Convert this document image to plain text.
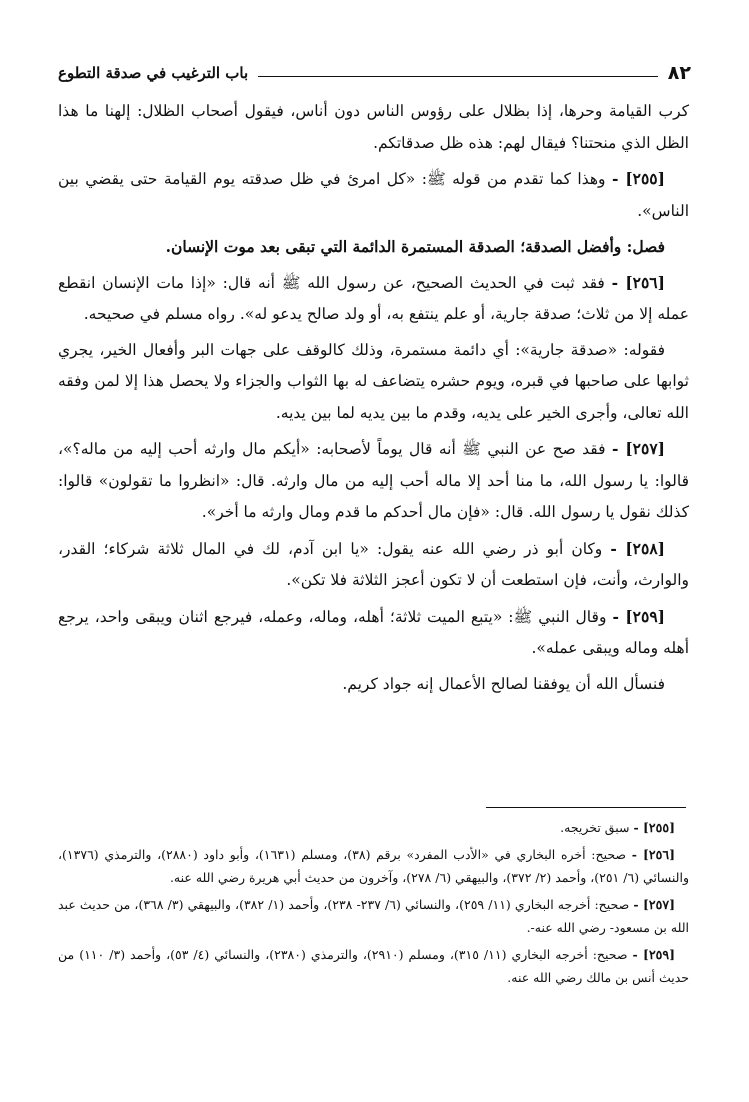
٨٢
باب الترغيب في صدقة التطوع

كرب القيامة وحرها، إذا بظلال على رؤوس الناس دون أناس، فيقول أصحاب الظلال: إلهنا ما هذا الظل الذي منحتنا؟ فيقال لهم: هذه ظل صدقاتكم.

[٢٥٥] - وهذا كما تقدم من قوله ﷺ: «كل امرئ في ظل صدقته يوم القيامة حتى يقضي بين الناس».

فصل: وأفضل الصدقة؛ الصدقة المستمرة الدائمة التي تبقى بعد موت الإنسان.

[٢٥٦] - فقد ثبت في الحديث الصحيح، عن رسول الله ﷺ أنه قال: «إذا مات الإنسان انقطع عمله إلا من ثلاث؛ صدقة جارية، أو علم ينتفع به، أو ولد صالح يدعو له». رواه مسلم في صحيحه.

فقوله: «صدقة جارية»: أي دائمة مستمرة، وذلك كالوقف على جهات البر وأفعال الخير، يجري ثوابها على صاحبها في قبره، ويوم حشره يتضاعف له بها الثواب والجزاء ولا يحصل هذا إلا لمن وفقه الله تعالى، وأجرى الخير على يديه، وقدم ما بين يديه لما بين يديه.

[٢٥٧] - فقد صح عن النبي ﷺ أنه قال يوماً لأصحابه: «أيكم مال وارثه أحب إليه من ماله؟»، قالوا: يا رسول الله، ما منا أحد إلا ماله أحب إليه من مال وارثه. قال: «انظروا ما تقولون» قالوا: كذلك نقول يا رسول الله. قال: «فإن مال أحدكم ما قدم ومال وارثه ما أخر».

[٢٥٨] - وكان أبو ذر رضي الله عنه يقول: «يا ابن آدم، لك في المال ثلاثة شركاء؛ القدر، والوارث، وأنت، فإن استطعت أن لا تكون أعجز الثلاثة فلا تكن».

[٢٥٩] - وقال النبي ﷺ: «يتبع الميت ثلاثة؛ أهله، وماله، وعمله، فيرجع اثنان ويبقى واحد، يرجع أهله وماله ويبقى عمله».

فنسأل الله أن يوفقنا لصالح الأعمال إنه جواد كريم.

[٢٥٥] - سبق تخريجه.

[٢٥٦] - صحيح: أخره البخاري في «الأدب المفرد» برقم (٣٨)، ومسلم (١٦٣١)، وأبو داود (٢٨٨٠)، والترمذي (١٣٧٦)، والنسائي (٦/ ٢٥١)، وأحمد (٢/ ٣٧٢)، والبيهقي (٦/ ٢٧٨)، وآخرون من حديث أبي هريرة رضي الله عنه.

[٢٥٧] - صحيح: أخرجه البخاري (١١/ ٢٥٩)، والنسائي (٦/ ٢٣٧- ٢٣٨)، وأحمد (١/ ٣٨٢)، والبيهقي (٣/ ٣٦٨)، من حديث عبد الله بن مسعود- رضي الله عنه-.

[٢٥٩] - صحيح: أخرجه البخاري (١١/ ٣١٥)، ومسلم (٢٩١٠)، والترمذي (٢٣٨٠)، والنسائي (٤/ ٥٣)، وأحمد (٣/ ١١٠) من حديث أنس بن مالك رضي الله عنه.
